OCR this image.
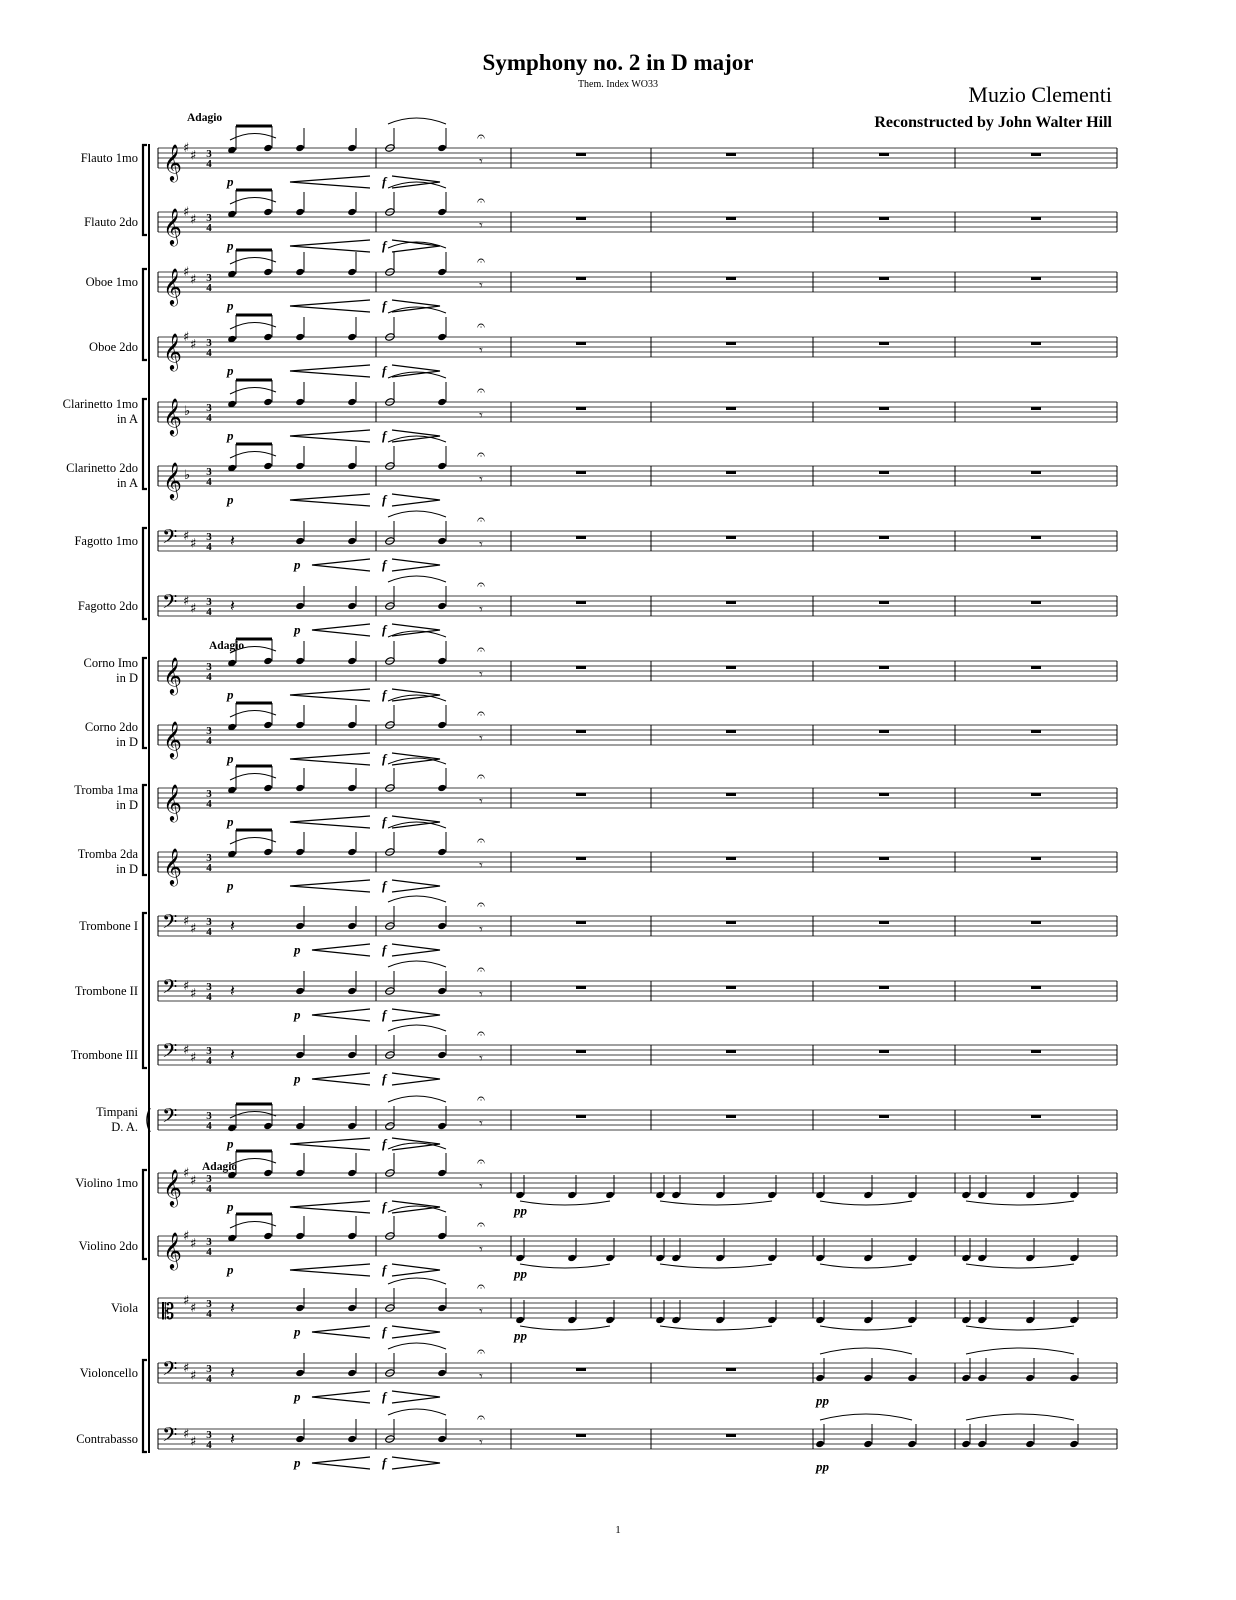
Symphony no. 2 in D major
Them. Index WO33	Muzio Clementi
Reconstructed by John Walter Hill
Adagio
Adagio
Adagio
Flauto 1mo 𝄞 ♯ ♯ 3
4	𝄾
𝄐
p	f
Flauto 2do 𝄞 ♯ ♯ 3
4	𝄾
𝄐
p	f
Oboe 1mo 𝄞 ♯ ♯ 3
4	𝄾
𝄐
p	f
Oboe 2do 𝄞 ♯ ♯ 3
4	𝄾
𝄐
p	f
Clarinetto 1mo
in A 𝄞 ♭ 3
4	𝄾
𝄐
p	f
Clarinetto 2do
in A 𝄞 ♭ 3
4	𝄾
𝄐
p	f
Fagotto 1mo 𝄢 ♯ ♯ 3
4 𝄽	𝄾
𝄐
p	f
Fagotto 2do 𝄢 ♯ ♯ 3
4 𝄽	𝄾
𝄐
p	f
Corno Imo
in D 𝄞 3
4	𝄾
𝄐
p	f
Corno 2do
in D 𝄞 3
4	𝄾
𝄐
p	f
Tromba 1ma
in D 𝄞 3
4	𝄾
𝄐
p	f
Tromba 2da
in D 𝄞 3
4	𝄾
𝄐
p	f
Trombone I 𝄢 ♯ ♯ 3
4 𝄽	𝄾
𝄐
p	f
Trombone II 𝄢 ♯ ♯ 3
4 𝄽	𝄾
𝄐
p	f
Trombone III 𝄢 ♯ ♯ 3
4 𝄽	𝄾
𝄐
p	f
Timpani
D. A. 𝄢	3
4	𝄾
𝄐
p	f
Violino 1mo 𝄞 ♯ ♯ 3
4	𝄾
𝄐
p	f	pp
Violino 2do 𝄞 ♯ ♯ 3
4	𝄾
𝄐
p	f	pp
Viola 𝄡 ♯ ♯ 3
4 𝄽	𝄾
𝄐
p	f	pp
Violoncello 𝄢 ♯ ♯ 3
4 𝄽	𝄾
𝄐
p	f	pp
Contrabasso 𝄢 ♯ ♯ 3
4 𝄽	𝄾
𝄐
p	f	pp
1
